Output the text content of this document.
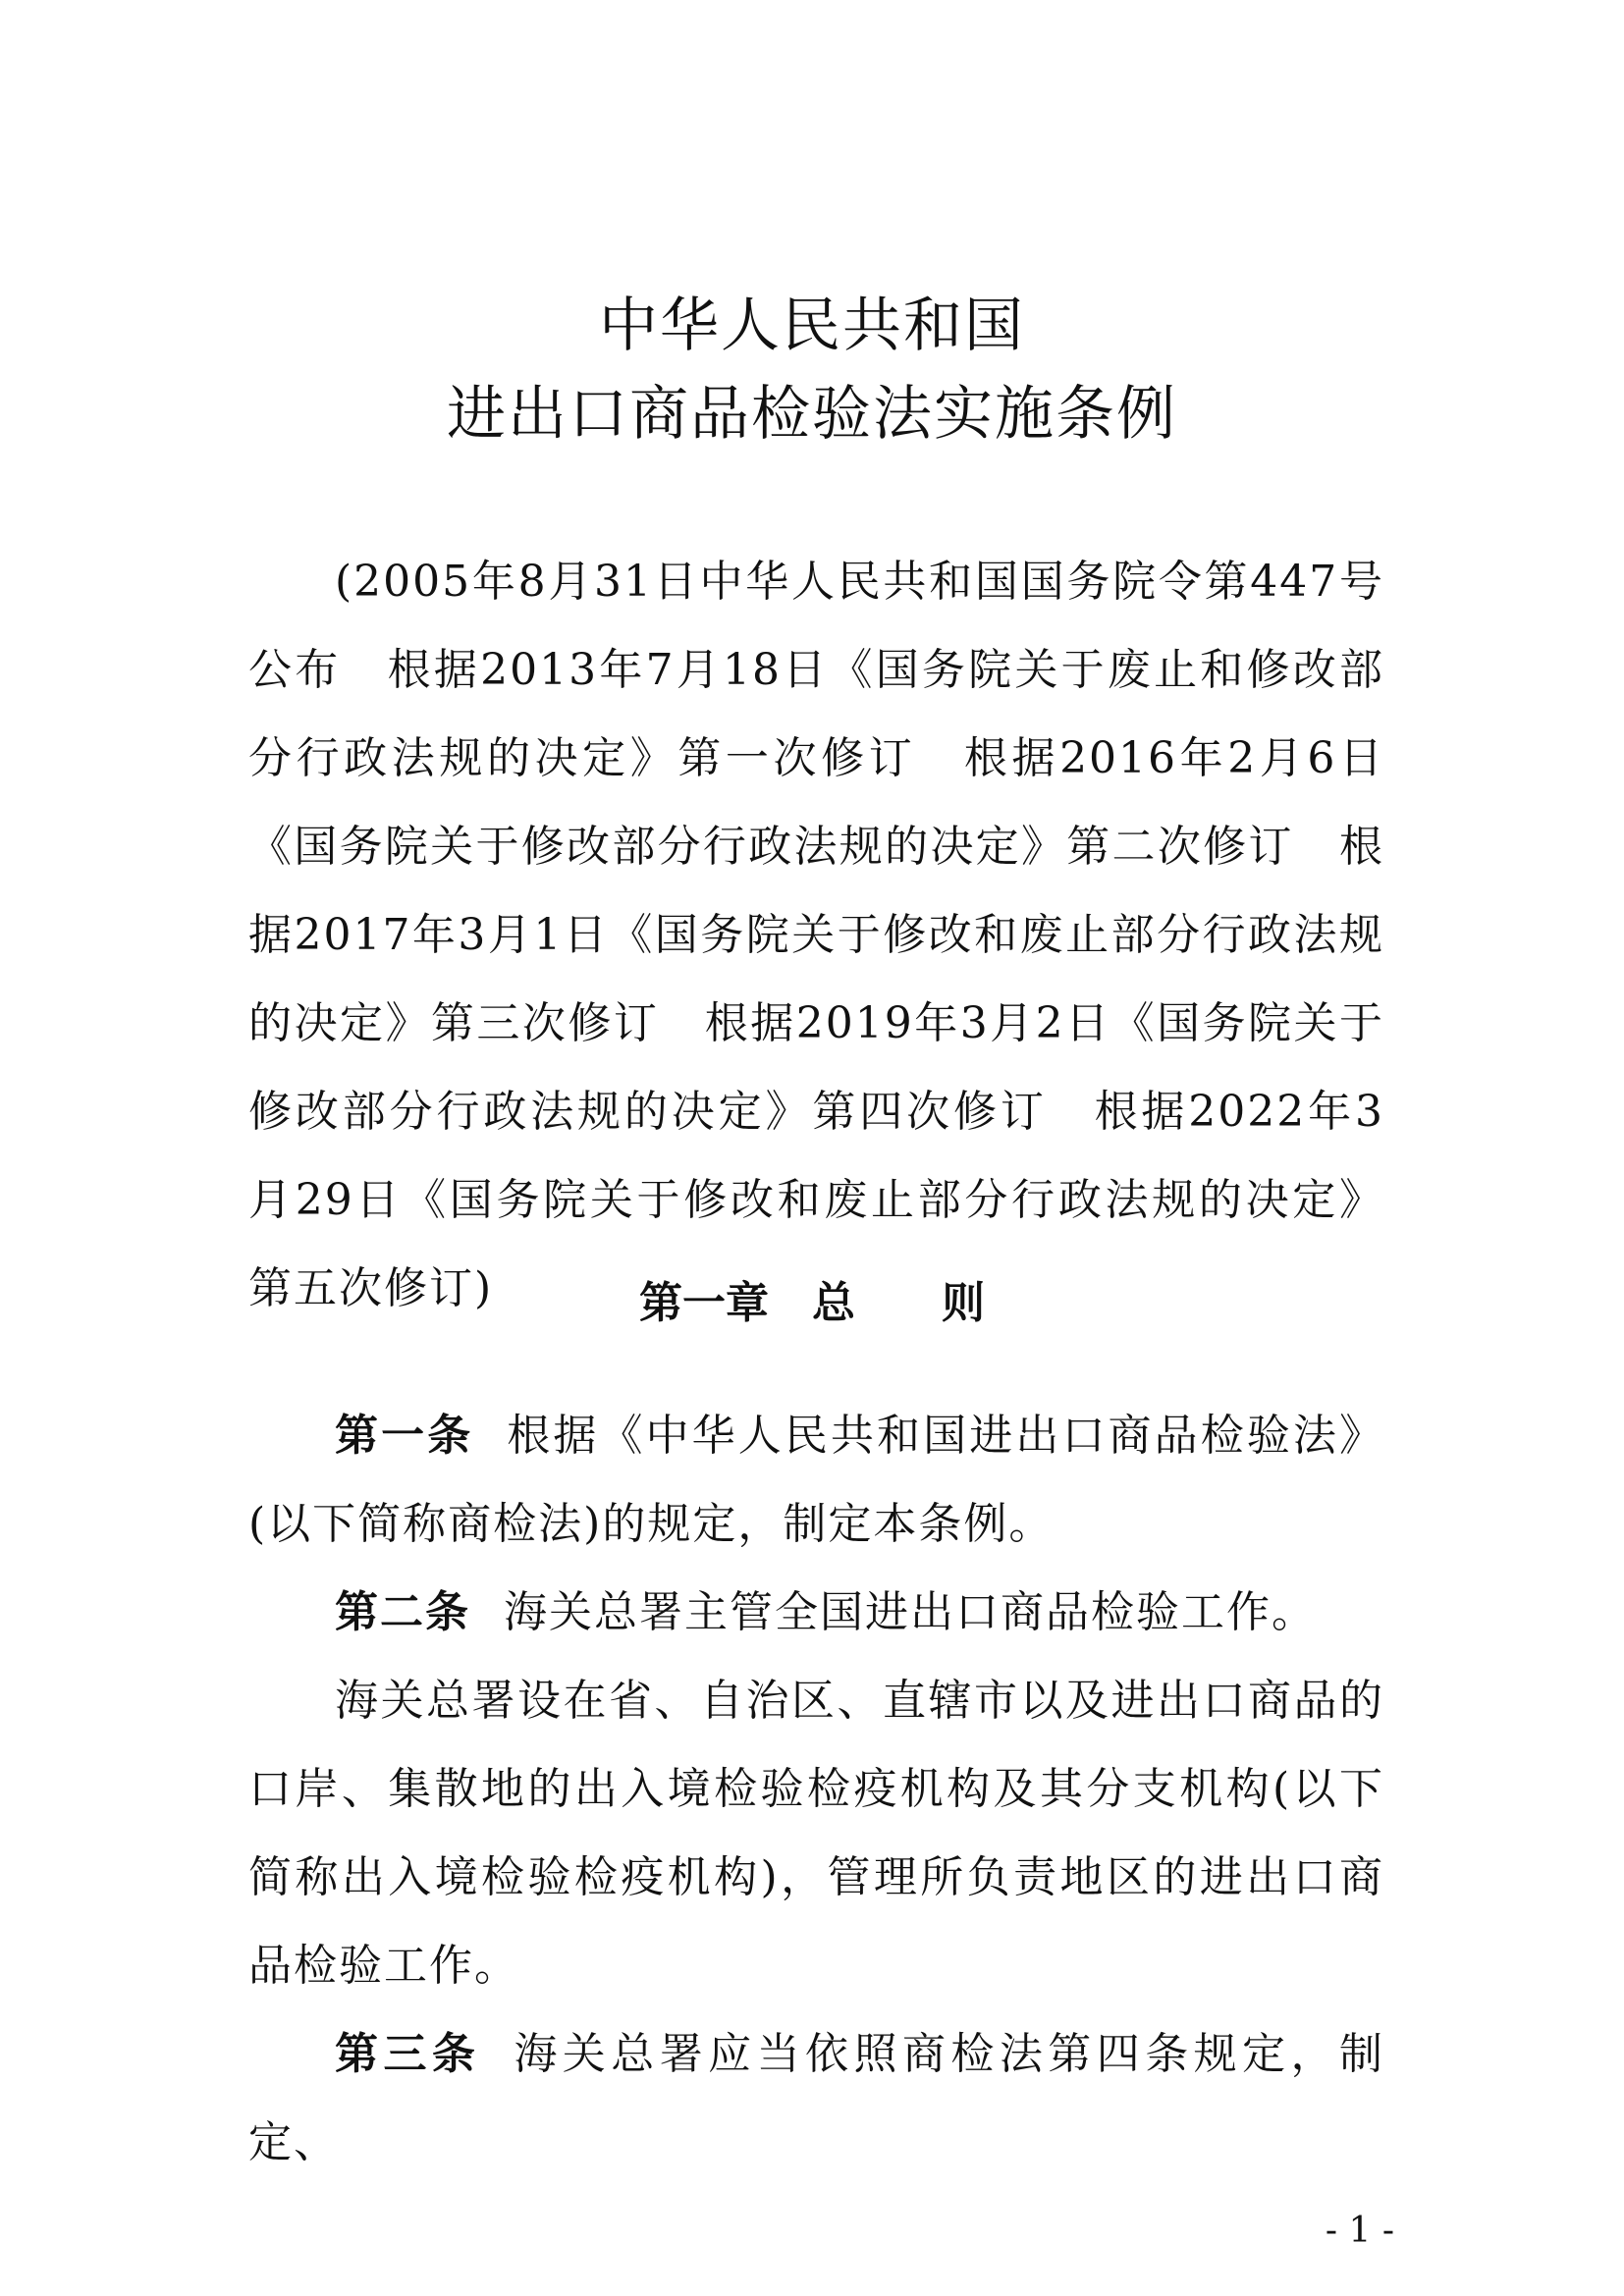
中华人民共和国
进出口商品检验法实施条例

(2005年8月31日中华人民共和国国务院令第447号公布　根据2013年7月18日《国务院关于废止和修改部分行政法规的决定》第一次修订　根据2016年2月6日《国务院关于修改部分行政法规的决定》第二次修订　根据2017年3月1日《国务院关于修改和废止部分行政法规的决定》第三次修订　根据2019年3月2日《国务院关于修改部分行政法规的决定》第四次修订　根据2022年3月29日《国务院关于修改和废止部分行政法规的决定》第五次修订)	第一章 总 则

第一条 根据《中华人民共和国进出口商品检验法》(以下简称商检法)的规定，制定本条例。

第二条 海关总署主管全国进出口商品检验工作。

海关总署设在省、自治区、直辖市以及进出口商品的口岸、集散地的出入境检验检疫机构及其分支机构(以下简称出入境检验检疫机构)，管理所负责地区的进出口商品检验工作。

第三条 海关总署应当依照商检法第四条规定，制定、

- 1 -
